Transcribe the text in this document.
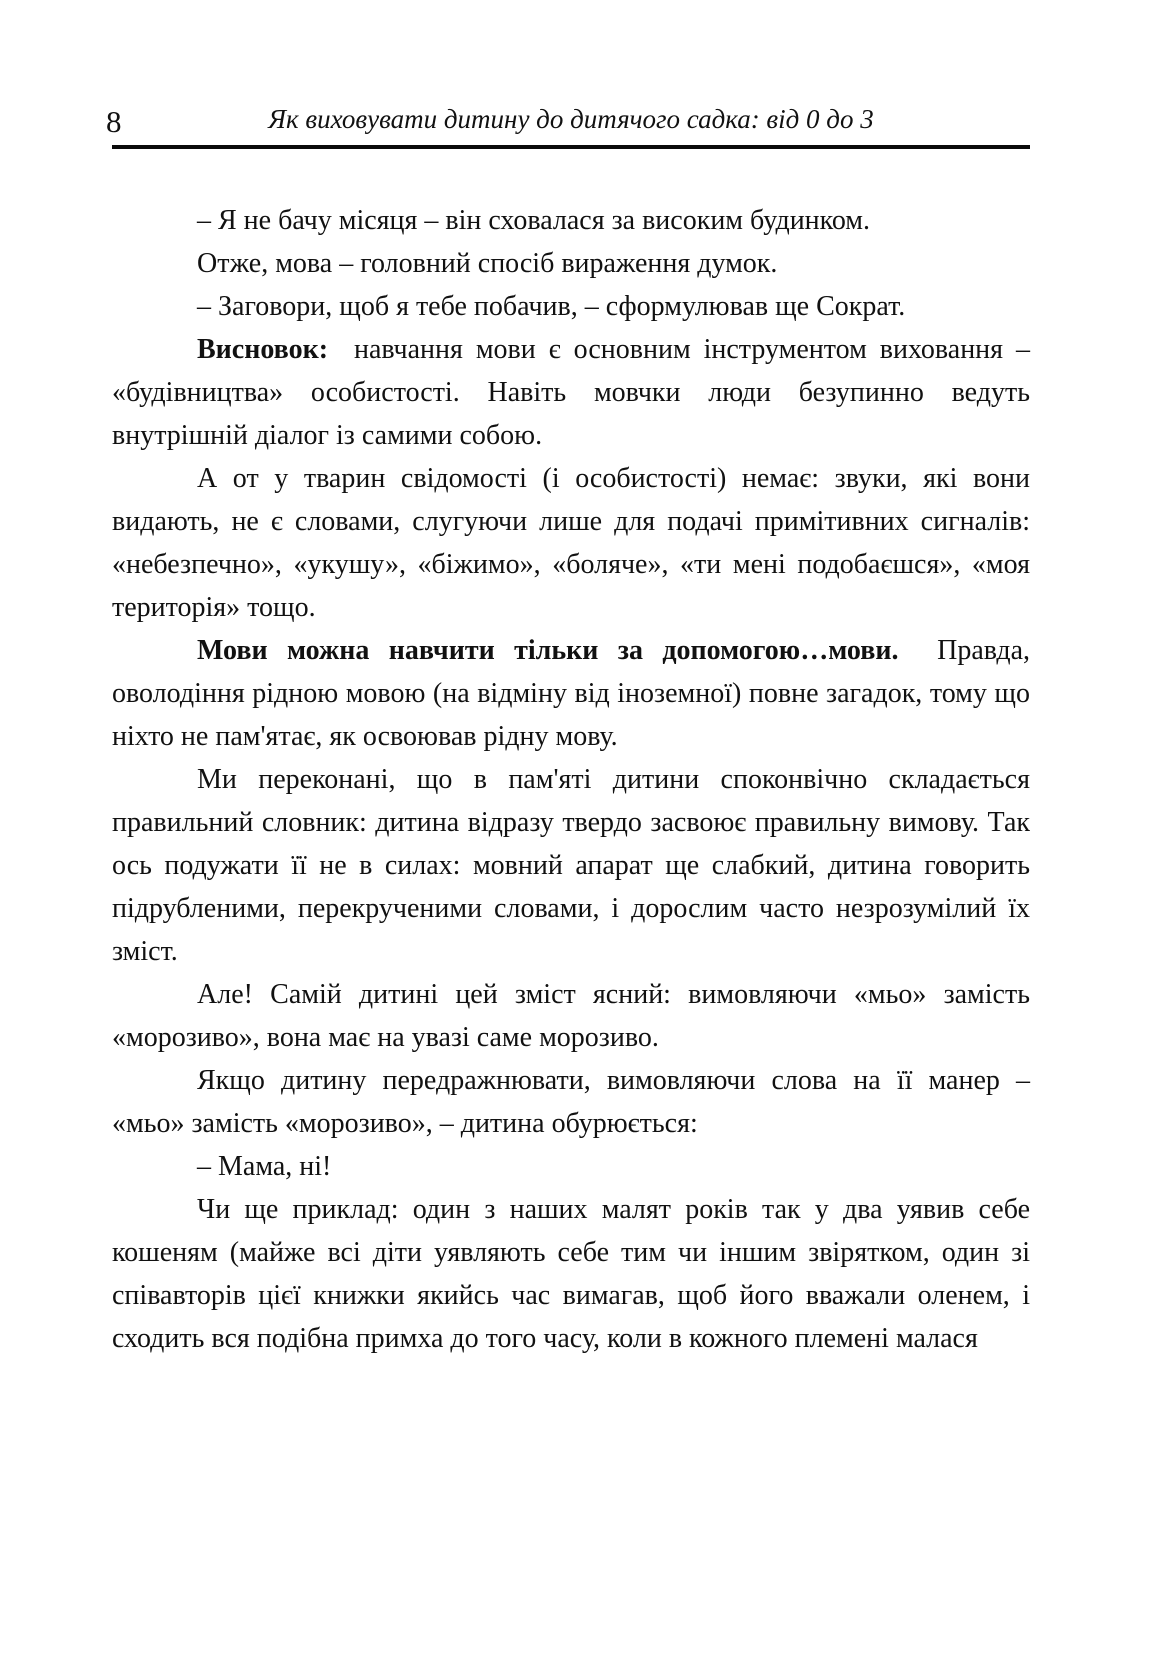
8	Як виховувати дитину до дитячого садка: від 0 до 3

– Я не бачу місяця – він сховалася за високим будинком.

Отже, мова – головний спосіб вираження думок.

– Заговори, щоб я тебе побачив, – сформулював ще Сократ.

Висновок: навчання мови є основним інструментом виховання – «будівництва» особистості. Навіть мовчки люди безупинно ведуть внутрішній діалог із самими собою.

А от у тварин свідомості (і особистості) немає: звуки, які вони видають, не є словами, слугуючи лише для подачі примітивних сигналів: «небезпечно», «укушу», «біжимо», «боляче», «ти мені подобаєшся», «моя територія» тощо.

Мови можна навчити тільки за допомогою…мови. Правда, оволодіння рідною мовою (на відміну від іноземної) повне загадок, тому що ніхто не пам'ятає, як освоював рідну мову.

Ми переконані, що в пам'яті дитини споконвічно складається правильний словник: дитина відразу твердо засвоює правильну вимову. Так ось подужати її не в силах: мовний апарат ще слабкий, дитина говорить підрубленими, перекрученими словами, і дорослим часто незрозумілий їх зміст.

Але! Самій дитині цей зміст ясний: вимовляючи «мьо» замість «морозиво», вона має на увазі саме морозиво.

Якщо дитину передражнювати, вимовляючи слова на її манер – «мьо» замість «морозиво», – дитина обурюється:

– Мама, ні!

Чи ще приклад: один з наших малят років так у два уявив себе кошеням (майже всі діти уявляють себе тим чи іншим звірятком, один зі співавторів цієї книжки якийсь час вимагав, щоб його вважали оленем, і сходить вся подібна примха до того часу, коли в кожного племені малася
